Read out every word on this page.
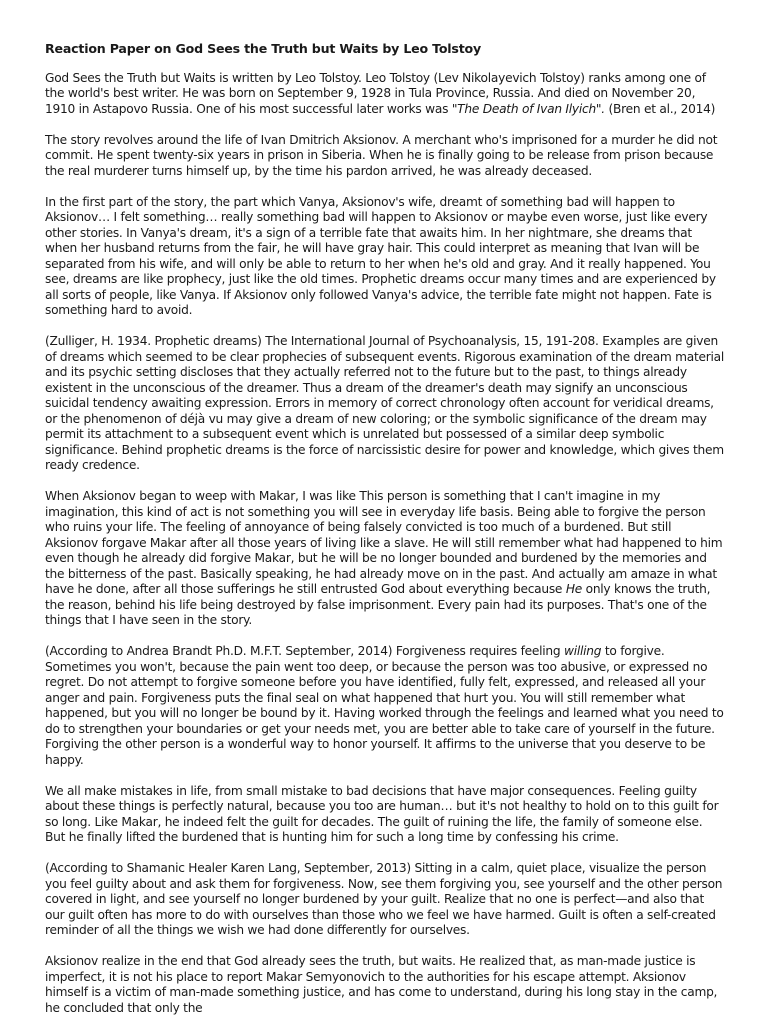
Reaction Paper on God Sees the Truth but Waits by Leo Tolstoy

God Sees the Truth but Waits is written by Leo Tolstoy. Leo Tolstoy (Lev Nikolayevich Tolstoy) ranks among one of the world's best writer. He was born on September 9, 1928 in Tula Province, Russia. And died on November 20, 1910 in Astapovo Russia. One of his most successful later works was "The Death of Ivan Ilyich". (Bren et al., 2014)

The story revolves around the life of Ivan Dmitrich Aksionov. A merchant who's imprisoned for a murder he did not commit. He spent twenty-six years in prison in Siberia. When he is finally going to be release from prison because the real murderer turns himself up, by the time his pardon arrived, he was already deceased.

In the first part of the story, the part which Vanya, Aksionov's wife, dreamt of something bad will happen to Aksionov… I felt something… really something bad will happen to Aksionov or maybe even worse, just like every other stories. In Vanya's dream, it's a sign of a terrible fate that awaits him. In her nightmare, she dreams that when her husband returns from the fair, he will have gray hair. This could interpret as meaning that Ivan will be separated from his wife, and will only be able to return to her when he's old and gray. And it really happened. You see, dreams are like prophecy, just like the old times. Prophetic dreams occur many times and are experienced by all sorts of people, like Vanya. If Aksionov only followed Vanya's advice, the terrible fate might not happen. Fate is something hard to avoid.

(Zulliger, H. 1934. Prophetic dreams) The International Journal of Psychoanalysis, 15, 191-208. Examples are given of dreams which seemed to be clear prophecies of subsequent events. Rigorous examination of the dream material and its psychic setting discloses that they actually referred not to the future but to the past, to things already existent in the unconscious of the dreamer. Thus a dream of the dreamer's death may signify an unconscious suicidal tendency awaiting expression. Errors in memory of correct chronology often account for veridical dreams, or the phenomenon of déjà vu may give a dream of new coloring; or the symbolic significance of the dream may permit its attachment to a subsequent event which is unrelated but possessed of a similar deep symbolic significance. Behind prophetic dreams is the force of narcissistic desire for power and knowledge, which gives them ready credence.

When Aksionov began to weep with Makar, I was like This person is something that I can't imagine in my imagination, this kind of act is not something you will see in everyday life basis. Being able to forgive the person who ruins your life. The feeling of annoyance of being falsely convicted is too much of a burdened. But still Aksionov forgave Makar after all those years of living like a slave. He will still remember what had happened to him even though he already did forgive Makar, but he will be no longer bounded and burdened by the memories and the bitterness of the past. Basically speaking, he had already move on in the past. And actually am amaze in what have he done, after all those sufferings he still entrusted God about everything because He only knows the truth, the reason, behind his life being destroyed by false imprisonment. Every pain had its purposes. That's one of the things that I have seen in the story.

(According to Andrea Brandt Ph.D. M.F.T. September, 2014) Forgiveness requires feeling willing to forgive. Sometimes you won't, because the pain went too deep, or because the person was too abusive, or expressed no regret. Do not attempt to forgive someone before you have identified, fully felt, expressed, and released all your anger and pain. Forgiveness puts the final seal on what happened that hurt you. You will still remember what happened, but you will no longer be bound by it. Having worked through the feelings and learned what you need to do to strengthen your boundaries or get your needs met, you are better able to take care of yourself in the future. Forgiving the other person is a wonderful way to honor yourself. It affirms to the universe that you deserve to be happy.

We all make mistakes in life, from small mistake to bad decisions that have major consequences. Feeling guilty about these things is perfectly natural, because you too are human… but it's not healthy to hold on to this guilt for so long. Like Makar, he indeed felt the guilt for decades. The guilt of ruining the life, the family of someone else. But he finally lifted the burdened that is hunting him for such a long time by confessing his crime.

(According to Shamanic Healer Karen Lang, September, 2013) Sitting in a calm, quiet place, visualize the person you feel guilty about and ask them for forgiveness. Now, see them forgiving you, see yourself and the other person covered in light, and see yourself no longer burdened by your guilt. Realize that no one is perfect—and also that our guilt often has more to do with ourselves than those who we feel we have harmed. Guilt is often a self-created reminder of all the things we wish we had done differently for ourselves.

Aksionov realize in the end that God already sees the truth, but waits. He realized that, as man-made justice is imperfect, it is not his place to report Makar Semyonovich to the authorities for his escape attempt. Aksionov himself is a victim of man-made something justice, and has come to understand, during his long stay in the camp, he concluded that only the
